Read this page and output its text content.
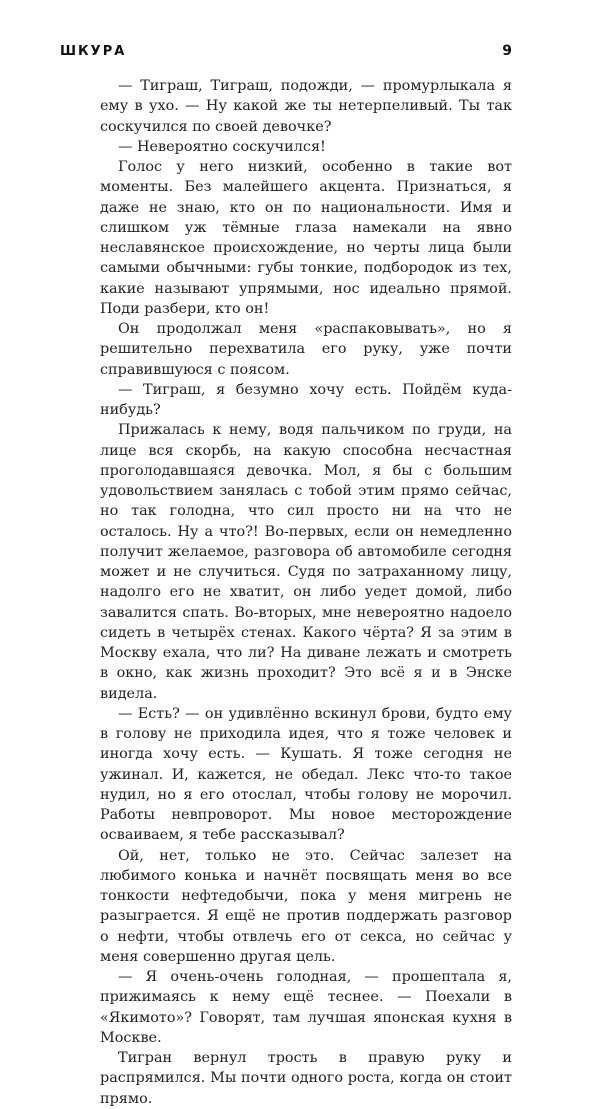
ШКУРА	9

— Тиграш, Тиграш, подожди, — промурлыкала я ему в ухо. — Ну какой же ты нетерпеливый. Ты так соскучился по своей девочке?

— Невероятно соскучился!

Голос у него низкий, особенно в такие вот моменты. Без малейшего акцента. Признаться, я даже не знаю, кто он по национальности. Имя и слишком уж тёмные глаза намекали на явно неславянское происхождение, но черты лица были самыми обычными: губы тонкие, подбородок из тех, какие называют упрямыми, нос идеально прямой. Поди разбери, кто он!

Он продолжал меня «распаковывать», но я решительно перехватила его руку, уже почти справившуюся с поясом.

— Тиграш, я безумно хочу есть. Пойдём куда-нибудь?

Прижалась к нему, водя пальчиком по груди, на лице вся скорбь, на какую способна несчастная проголодавшаяся девочка. Мол, я бы с большим удовольствием занялась с тобой этим прямо сейчас, но так голодна, что сил просто ни на что не осталось. Ну а что?! Во-первых, если он немедленно получит желаемое, разговора об автомобиле сегодня может и не случиться. Судя по затраханному лицу, надолго его не хватит, он либо уедет домой, либо завалится спать. Во-вторых, мне невероятно надоело сидеть в четырёх стенах. Какого чёрта? Я за этим в Москву ехала, что ли? На диване лежать и смотреть в окно, как жизнь проходит? Это всё я и в Энске видела.

— Есть? — он удивлённо вскинул брови, будто ему в голову не приходила идея, что я тоже человек и иногда хочу есть. — Кушать. Я тоже сегодня не ужинал. И, кажется, не обедал. Лекс что-то такое нудил, но я его отослал, чтобы голову не морочил. Работы невпроворот. Мы новое месторождение осваиваем, я тебе рассказывал?

Ой, нет, только не это. Сейчас залезет на любимого конька и начнёт посвящать меня во все тонкости нефтедобычи, пока у меня мигрень не разыграется. Я ещё не против поддержать разговор о нефти, чтобы отвлечь его от секса, но сейчас у меня совершенно другая цель.

— Я очень-очень голодная, — прошептала я, прижимаясь к нему ещё теснее. — Поехали в «Якимото»? Говорят, там лучшая японская кухня в Москве.

Тигран вернул трость в правую руку и распрямился. Мы почти одного роста, когда он стоит прямо.
